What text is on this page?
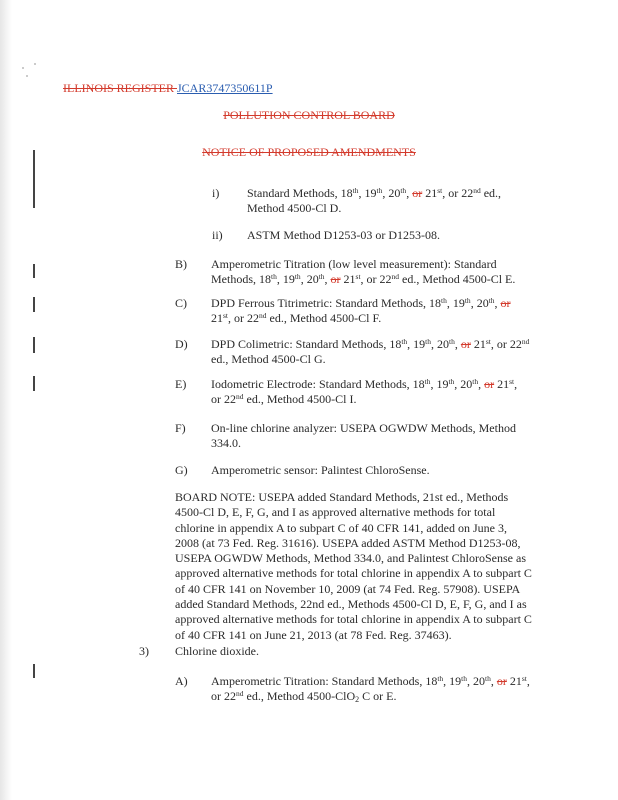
ILLINOIS REGISTER JCAR3747350611P
POLLUTION CONTROL BOARD
NOTICE OF PROPOSED AMENDMENTS
i) Standard Methods, 18th, 19th, 20th, or 21st, or 22nd ed.,
Method 4500-Cl D.
ii) ASTM Method D1253-03 or D1253-08.
B) Amperometric Titration (low level measurement): Standard
Methods, 18th, 19th, 20th, or 21st, or 22nd ed., Method 4500-Cl E.
C) DPD Ferrous Titrimetric: Standard Methods, 18th, 19th, 20th, or
21st, or 22nd ed., Method 4500-Cl F.
D) DPD Colimetric: Standard Methods, 18th, 19th, 20th, or 21st, or 22nd
ed., Method 4500-Cl G.
E) Iodometric Electrode: Standard Methods, 18th, 19th, 20th, or 21st,
or 22nd ed., Method 4500-Cl I.
F) On-line chlorine analyzer: USEPA OGWDW Methods, Method
334.0.
G) Amperometric sensor: Palintest ChloroSense.
BOARD NOTE: USEPA added Standard Methods, 21st ed., Methods
4500-Cl D, E, F, G, and I as approved alternative methods for total
chlorine in appendix A to subpart C of 40 CFR 141, added on June 3,
2008 (at 73 Fed. Reg. 31616). USEPA added ASTM Method D1253-08,
USEPA OGWDW Methods, Method 334.0, and Palintest ChloroSense as
approved alternative methods for total chlorine in appendix A to subpart C
of 40 CFR 141 on November 10, 2009 (at 74 Fed. Reg. 57908). USEPA
added Standard Methods, 22nd ed., Methods 4500-Cl D, E, F, G, and I as
approved alternative methods for total chlorine in appendix A to subpart C
of 40 CFR 141 on June 21, 2013 (at 78 Fed. Reg. 37463).
3) Chlorine dioxide.
A) Amperometric Titration: Standard Methods, 18th, 19th, 20th, or 21st,
or 22nd ed., Method 4500-ClO$_2$ C or E.
